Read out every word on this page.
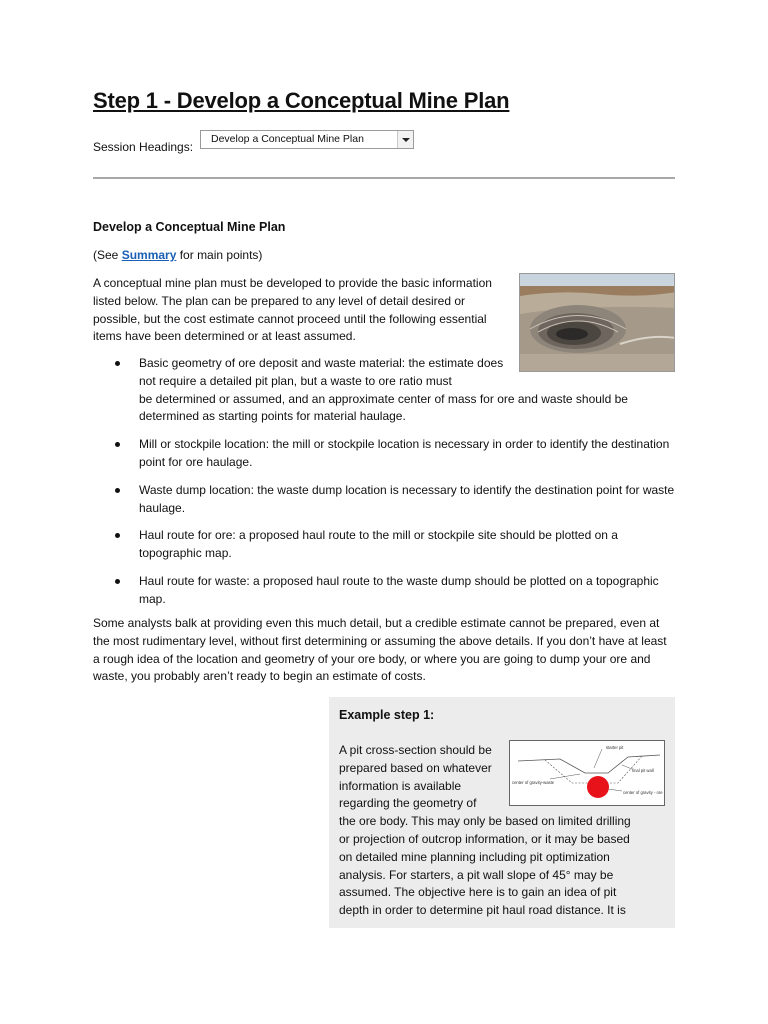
Step 1 - Develop a Conceptual Mine Plan
Session Headings:
Develop a Conceptual Mine Plan
Develop a Conceptual Mine Plan
(See Summary for main points)

A conceptual mine plan must be developed to provide the basic information listed below. The plan can be prepared to any level of detail desired or possible, but the cost estimate cannot proceed until the following essential items have been determined or at least assumed.

Basic geometry of ore deposit and waste material: the estimate does not require a detailed pit plan, but a waste to ore ratio must
be determined or assumed, and an approximate center of mass for ore and waste should be determined as starting points for material haulage.
Mill or stockpile location: the mill or stockpile location is necessary in order to identify the destination point for ore haulage.
Waste dump location: the waste dump location is necessary to identify the destination point for waste haulage.
Haul route for ore: a proposed haul route to the mill or stockpile site should be plotted on a topographic map.
Haul route for waste: a proposed haul route to the waste dump should be plotted on a topographic map.

Some analysts balk at providing even this much detail, but a credible estimate cannot be prepared, even at the most rudimentary level, without first determining or assuming the above details. If you don’t have at least a rough idea of the location and geometry of your ore body, or where you are going to dump your ore and waste, you probably aren’t ready to begin an estimate of costs.

Example step 1:
A pit cross-section should be prepared based on whatever information is available regarding the geometry of
the ore body. This may only be based on limited drilling or projection of outcrop information, or it may be based on detailed mine planning including pit optimization analysis. For starters, a pit wall slope of 45° may be assumed. The objective here is to gain an idea of pit depth in order to determine pit haul road distance. It is
starter pit
final pit wall
center of gravity-waste
center of gravity - ore
